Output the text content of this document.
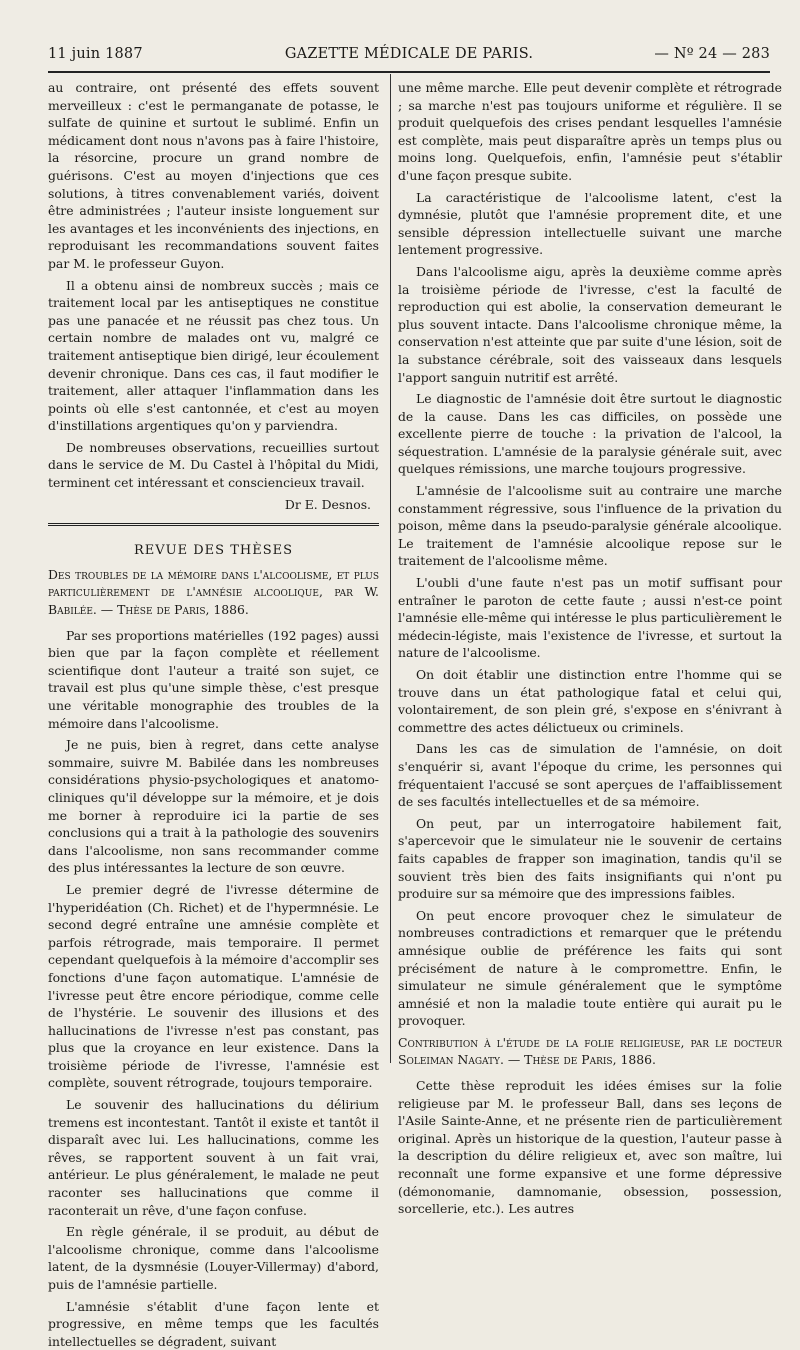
11 juin 1887	GAZETTE MÉDICALE DE PARIS.	— Nº 24 — 283

au contraire, ont présenté des effets souvent merveilleux : c'est le permanganate de potasse, le sulfate de quinine et surtout le sublimé. Enfin un médicament dont nous n'avons pas à faire l'histoire, la résorcine, procure un grand nombre de guérisons. C'est au moyen d'injections que ces solutions, à titres convenablement variés, doivent être administrées ; l'auteur insiste longuement sur les avantages et les inconvénients des injections, en reproduisant les recommandations souvent faites par M. le professeur Guyon.

Il a obtenu ainsi de nombreux succès ; mais ce traitement local par les antiseptiques ne constitue pas une panacée et ne réussit pas chez tous. Un certain nombre de malades ont vu, malgré ce traitement antiseptique bien dirigé, leur écoulement devenir chronique. Dans ces cas, il faut modifier le traitement, aller attaquer l'inflammation dans les points où elle s'est cantonnée, et c'est au moyen d'instillations argentiques qu'on y parviendra.

De nombreuses observations, recueillies surtout dans le service de M. Du Castel à l'hôpital du Midi, terminent cet intéressant et consciencieux travail.

Dr E. Desnos.
REVUE DES THÈSES

Des troubles de la mémoire dans l'alcoolisme, et plus particulièrement de l'amnésie alcoolique, par W. Babilée. — Thèse de Paris, 1886.

Par ses proportions matérielles (192 pages) aussi bien que par la façon complète et réellement scientifique dont l'auteur a traité son sujet, ce travail est plus qu'une simple thèse, c'est presque une véritable monographie des troubles de la mémoire dans l'alcoolisme.

Je ne puis, bien à regret, dans cette analyse sommaire, suivre M. Babilée dans les nombreuses considérations physio-psychologiques et anatomo-cliniques qu'il développe sur la mémoire, et je dois me borner à reproduire ici la partie de ses conclusions qui a trait à la pathologie des souvenirs dans l'alcoolisme, non sans recommander comme des plus intéressantes la lecture de son œuvre.

Le premier degré de l'ivresse détermine de l'hyperidéation (Ch. Richet) et de l'hypermnésie. Le second degré entraîne une amnésie complète et parfois rétrograde, mais temporaire. Il permet cependant quelquefois à la mémoire d'accomplir ses fonctions d'une façon automatique. L'amnésie de l'ivresse peut être encore périodique, comme celle de l'hystérie. Le souvenir des illusions et des hallucinations de l'ivresse n'est pas constant, pas plus que la croyance en leur existence. Dans la troisième période de l'ivresse, l'amnésie est complète, souvent rétrograde, toujours temporaire.

Le souvenir des hallucinations du délirium tremens est incontestant. Tantôt il existe et tantôt il disparaît avec lui. Les hallucinations, comme les rêves, se rapportent souvent à un fait vrai, antérieur. Le plus généralement, le malade ne peut raconter ses hallucinations que comme il raconterait un rêve, d'une façon confuse.

En règle générale, il se produit, au début de l'alcoolisme chronique, comme dans l'alcoolisme latent, de la dysmnésie (Louyer-Villermay) d'abord, puis de l'amnésie partielle.

L'amnésie s'établit d'une façon lente et progressive, en même temps que les facultés intellectuelles se dégradent, suivant

une même marche. Elle peut devenir complète et rétrograde ; sa marche n'est pas toujours uniforme et régulière. Il se produit quelquefois des crises pendant lesquelles l'amnésie est complète, mais peut disparaître après un temps plus ou moins long. Quelquefois, enfin, l'amnésie peut s'établir d'une façon presque subite.

La caractéristique de l'alcoolisme latent, c'est la dymnésie, plutôt que l'amnésie proprement dite, et une sensible dépression intellectuelle suivant une marche lentement progressive.

Dans l'alcoolisme aigu, après la deuxième comme après la troisième période de l'ivresse, c'est la faculté de reproduction qui est abolie, la conservation demeurant le plus souvent intacte. Dans l'alcoolisme chronique même, la conservation n'est atteinte que par suite d'une lésion, soit de la substance cérébrale, soit des vaisseaux dans lesquels l'apport sanguin nutritif est arrêté.

Le diagnostic de l'amnésie doit être surtout le diagnostic de la cause. Dans les cas difficiles, on possède une excellente pierre de touche : la privation de l'alcool, la séquestration. L'amnésie de la paralysie générale suit, avec quelques rémissions, une marche toujours progressive.

L'amnésie de l'alcoolisme suit au contraire une marche constamment régressive, sous l'influence de la privation du poison, même dans la pseudo-paralysie générale alcoolique. Le traitement de l'amnésie alcoolique repose sur le traitement de l'alcoolisme même.

L'oubli d'une faute n'est pas un motif suffisant pour entraîner le paroton de cette faute ; aussi n'est-ce point l'amnésie elle-même qui intéresse le plus particulièrement le médecin-légiste, mais l'existence de l'ivresse, et surtout la nature de l'alcoolisme.

On doit établir une distinction entre l'homme qui se trouve dans un état pathologique fatal et celui qui, volontairement, de son plein gré, s'expose en s'énivrant à commettre des actes délictueux ou criminels.

Dans les cas de simulation de l'amnésie, on doit s'enquérir si, avant l'époque du crime, les personnes qui fréquentaient l'accusé se sont aperçues de l'affaiblissement de ses facultés intellectuelles et de sa mémoire.

On peut, par un interrogatoire habilement fait, s'apercevoir que le simulateur nie le souvenir de certains faits capables de frapper son imagination, tandis qu'il se souvient très bien des faits insignifiants qui n'ont pu produire sur sa mémoire que des impressions faibles.

On peut encore provoquer chez le simulateur de nombreuses contradictions et remarquer que le prétendu amnésique oublie de préférence les faits qui sont précisément de nature à le compromettre. Enfin, le simulateur ne simule généralement que le symptôme amnésié et non la maladie toute entière qui aurait pu le provoquer.

Contribution à l'étude de la folie religieuse, par le docteur Soleiman Nagaty. — Thèse de Paris, 1886.

Cette thèse reproduit les idées émises sur la folie religieuse par M. le professeur Ball, dans ses leçons de l'Asile Sainte-Anne, et ne présente rien de particulièrement original. Après un historique de la question, l'auteur passe à la description du délire religieux et, avec son maître, lui reconnaît une forme expansive et une forme dépressive (démonomanie, damnomanie, obsession, possession, sorcellerie, etc.). Les autres
